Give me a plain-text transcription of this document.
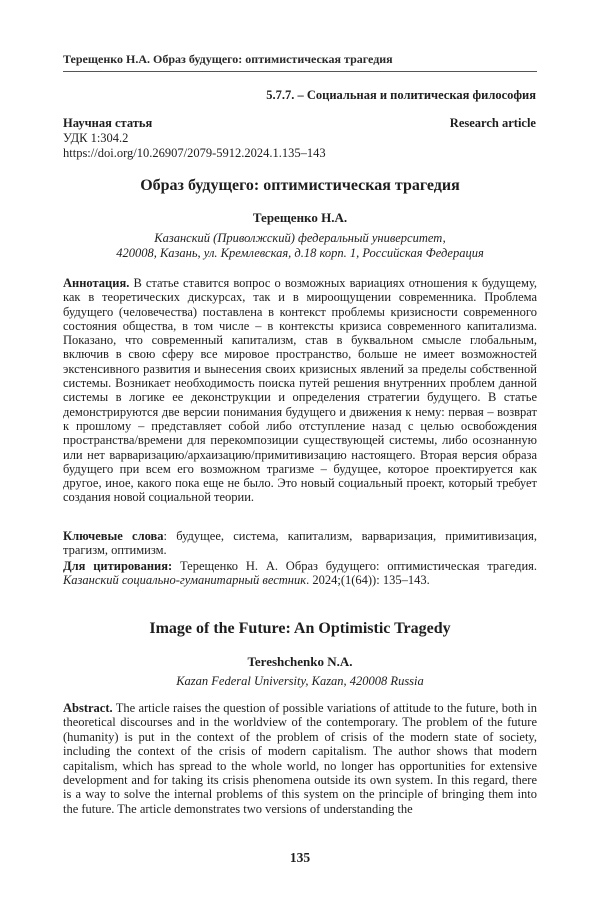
Терещенко Н.А. Образ будущего: оптимистическая трагедия
5.7.7. – Социальная и политическая философия
Научная статья
УДК 1:304.2
https://doi.org/10.26907/2079-5912.2024.1.135–143
Research article
Образ будущего: оптимистическая трагедия
Терещенко Н.А.
Казанский (Приволжский) федеральный университет,
420008, Казань, ул. Кремлевская, д.18 корп. 1, Российская Федерация
Аннотация. В статье ставится вопрос о возможных вариациях отношения к будущему, как в теоретических дискурсах, так и в мироощущении современника. Проблема будущего (человечества) поставлена в контекст проблемы кризисности современного состояния общества, в том числе – в контексты кризиса современного капитализма. Показано, что современный капитализм, став в буквальном смысле глобальным, включив в свою сферу все мировое пространство, больше не имеет возможностей экстенсивного развития и вынесения своих кризисных явлений за пределы собственной системы. Возникает необходимость поиска путей решения внутренних проблем данной системы в логике ее деконструкции и определения стратегии будущего. В статье демонстрируются две версии понимания будущего и движения к нему: первая – возврат к прошлому – представляет собой либо отступление назад с целью освобождения пространства/времени для перекомпозиции существующей системы, либо осознанную или нет варваризацию/архаизацию/примитивизацию настоящего. Вторая версия образа будущего при всем его возможном трагизме – будущее, которое проектируется как другое, иное, какого пока еще не было. Это новый социальный проект, который требует создания новой социальной теории.
Ключевые слова: будущее, система, капитализм, варваризация, примитивизация, трагизм, оптимизм.
Для цитирования: Терещенко Н. А. Образ будущего: оптимистическая трагедия. Казанский социально-гуманитарный вестник. 2024;(1(64)): 135–143.
Image of the Future: An Optimistic Tragedy
Tereshchenko N.A.
Kazan Federal University, Kazan, 420008 Russia
Abstract. The article raises the question of possible variations of attitude to the future, both in theoretical discourses and in the worldview of the contemporary. The problem of the future (humanity) is put in the context of the problem of crisis of the modern state of society, including the context of the crisis of modern capitalism. The author shows that modern capitalism, which has spread to the whole world, no longer has opportunities for extensive development and for taking its crisis phenomena outside its own system. In this regard, there is a way to solve the internal problems of this system on the principle of bringing them into the future. The article demonstrates two versions of understanding the
135
